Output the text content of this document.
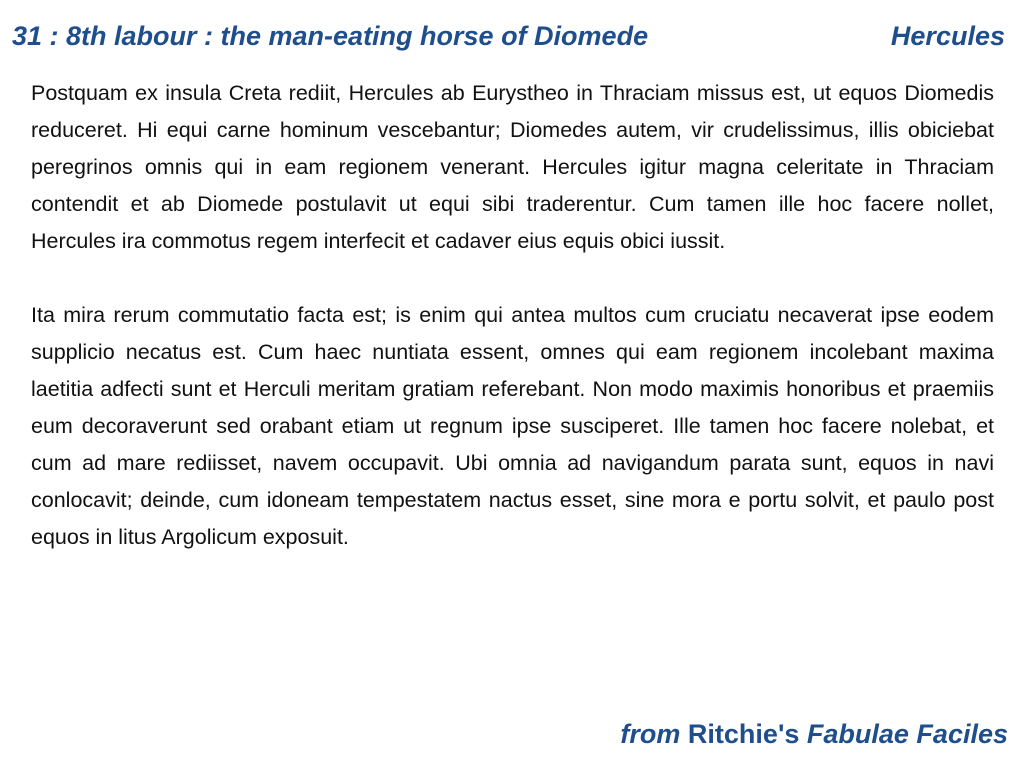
31 : 8th labour : the man-eating horse of Diomede	Hercules

Postquam ex insula Creta rediit, Hercules ab Eurystheo in Thraciam missus est, ut equos Diomedis reduceret. Hi equi carne hominum vescebantur; Diomedes autem, vir crudelissimus, illis obiciebat peregrinos omnis qui in eam regionem venerant. Hercules igitur magna celeritate in Thraciam contendit et ab Diomede postulavit ut equi sibi traderentur. Cum tamen ille hoc facere nollet, Hercules ira commotus regem interfecit et cadaver eius equis obici iussit.

Ita mira rerum commutatio facta est; is enim qui antea multos cum cruciatu necaverat ipse eodem supplicio necatus est. Cum haec nuntiata essent, omnes qui eam regionem incolebant maxima laetitia adfecti sunt et Herculi meritam gratiam referebant. Non modo maximis honoribus et praemiis eum decoraverunt sed orabant etiam ut regnum ipse susciperet. Ille tamen hoc facere nolebat, et cum ad mare rediisset, navem occupavit. Ubi omnia ad navigandum parata sunt, equos in navi conlocavit; deinde, cum idoneam tempestatem nactus esset, sine mora e portu solvit, et paulo post equos in litus Argolicum exposuit.

from Ritchie's Fabulae Faciles
